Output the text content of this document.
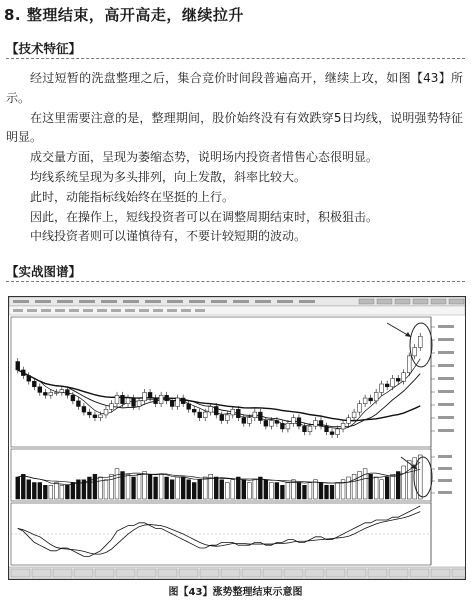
8. 整理结束，高开高走，继续拉升
【技术特征】

经过短暂的洗盘整理之后，集合竞价时间段普遍高开，继续上攻，如图【43】所示。

在这里需要注意的是，整理期间，股价始终没有有效跌穿5日均线，说明强势特征明显。

成交量方面，呈现为萎缩态势，说明场内投资者惜售心态很明显。

均线系统呈现为多头排列，向上发散，斜率比较大。

此时，动能指标线始终在坚挺的上行。

因此，在操作上，短线投资者可以在调整周期结束时，积极狙击。

中线投资者则可以谨慎待有，不要计较短期的波动。

【实战图谱】
图【43】涨势整理结束示意图
